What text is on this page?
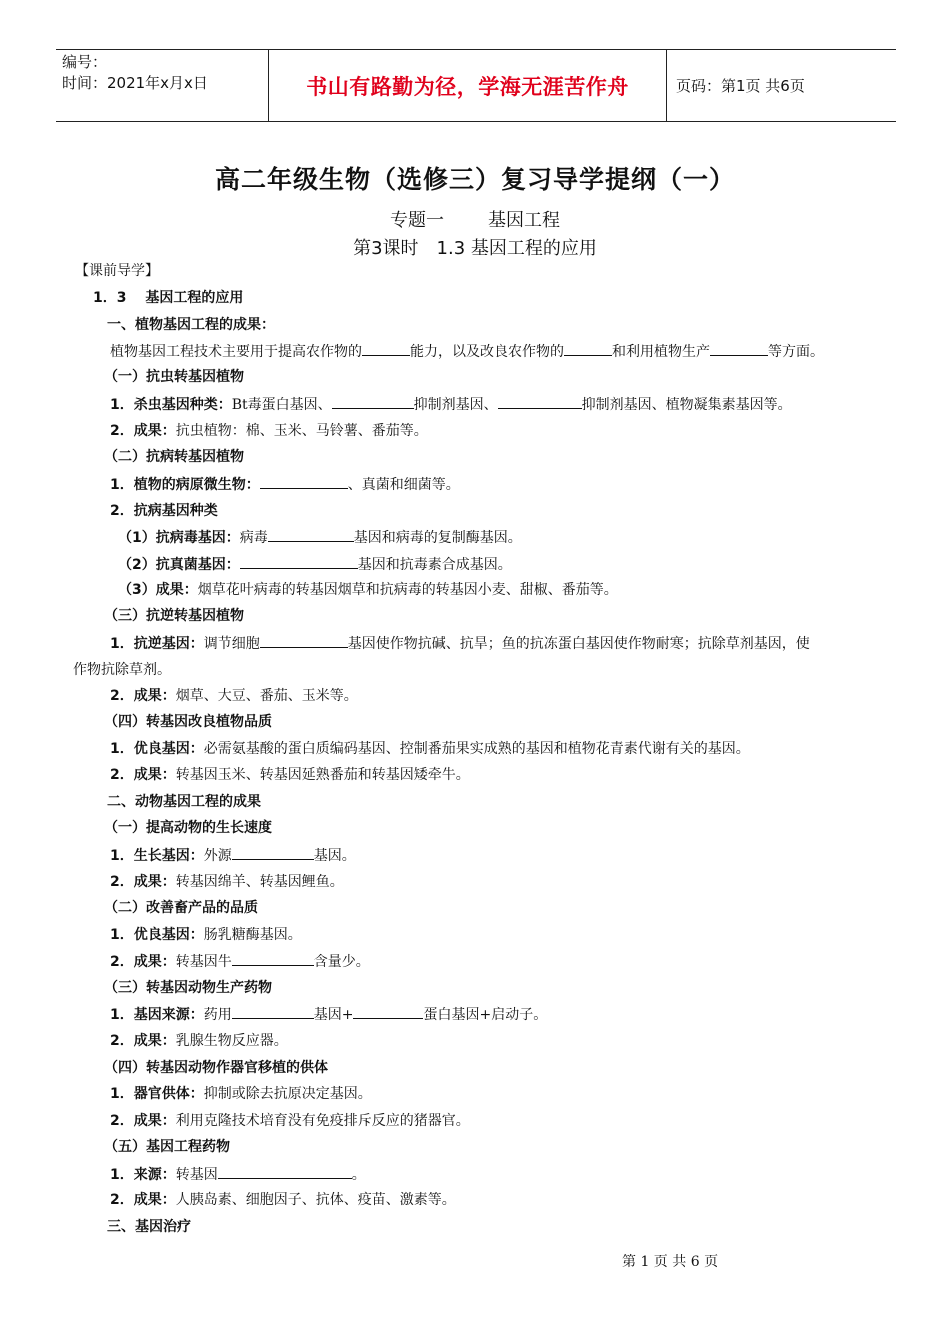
编号：
时间：2021年x月x日	书山有路勤为径，学海无涯苦作舟	页码：第1页 共6页
高二年级生物（选修三）复习导学提纲（一）
专题一 基因工程
第3课时　1.3 基因工程的应用
【课前导学】
1．3　 基因工程的应用
一、植物基因工程的成果：
植物基因工程技术主要用于提高农作物的	能力，以及改良农作物的	和利用植物生产	等方面。
（一）抗虫转基因植物
1．杀虫基因种类：Bt毒蛋白基因、	抑制剂基因、	抑制剂基因、植物凝集素基因等。
2．成果：抗虫植物：棉、玉米、马铃薯、番茄等。
（二）抗病转基因植物
1．植物的病原微生物：	、真菌和细菌等。
2．抗病基因种类
（1）抗病毒基因：病毒	基因和病毒的复制酶基因。
（2）抗真菌基因：	基因和抗毒素合成基因。
（3）成果：烟草花叶病毒的转基因烟草和抗病毒的转基因小麦、甜椒、番茄等。
（三）抗逆转基因植物
1．抗逆基因：调节细胞	基因使作物抗碱、抗旱；鱼的抗冻蛋白基因使作物耐寒；抗除草剂基因，使
作物抗除草剂。
2．成果：烟草、大豆、番茄、玉米等。
（四）转基因改良植物品质
1．优良基因：必需氨基酸的蛋白质编码基因、控制番茄果实成熟的基因和植物花青素代谢有关的基因。
2．成果：转基因玉米、转基因延熟番茄和转基因矮牵牛。
二、动物基因工程的成果
（一）提高动物的生长速度
1．生长基因：外源	基因。
2．成果：转基因绵羊、转基因鲤鱼。
（二）改善畜产品的品质
1．优良基因：肠乳糖酶基因。
2．成果：转基因牛	含量少。
（三）转基因动物生产药物
1．基因来源：药用	基因+	蛋白基因+启动子。
2．成果：乳腺生物反应器。
（四）转基因动物作器官移植的供体
1．器官供体：抑制或除去抗原决定基因。
2．成果：利用克隆技术培育没有免疫排斥反应的猪器官。
（五）基因工程药物
1．来源：转基因	。
2．成果：人胰岛素、细胞因子、抗体、疫苗、激素等。
三、基因治疗
第 1 页 共 6 页
